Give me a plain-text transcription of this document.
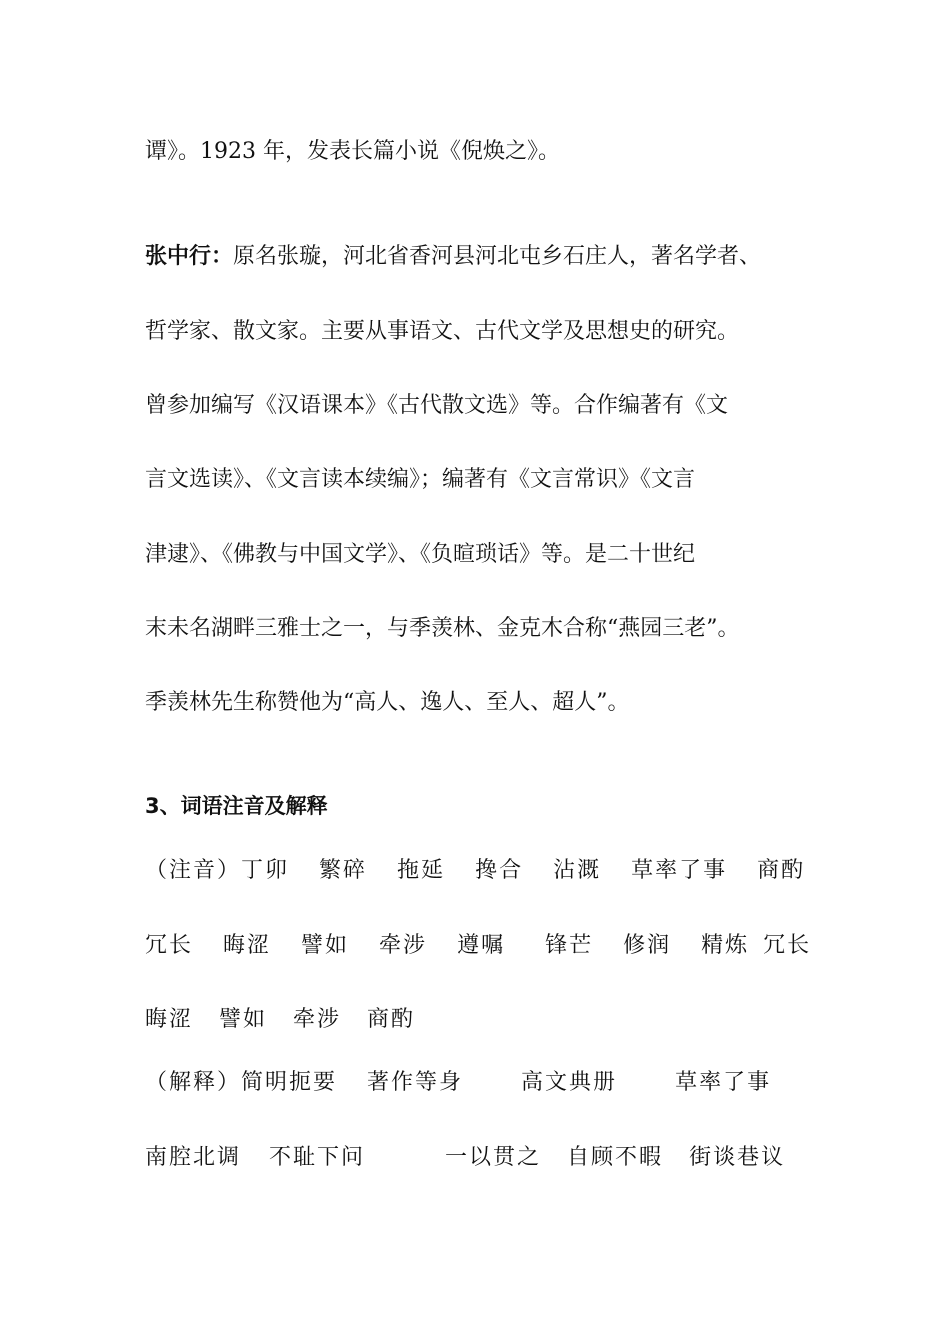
谭》。1923 年，发表长篇小说《倪焕之》。

张中行：原名张璇，河北省香河县河北屯乡石庄人，著名学者、

哲学家、散文家。主要从事语文、古代文学及思想史的研究。

曾参加编写《汉语课本》《古代散文选》等。合作编著有《文

言文选读》、《文言读本续编》；编著有《文言常识》《文言

津逮》、《佛教与中国文学》、《负暄琐话》等。是二十世纪

末未名湖畔三雅士之一，与季羡林、金克木合称“燕园三老”。

季羡林先生称赞他为“高人、逸人、至人、超人”。

3、词语注音及解释

（注音）丁卯 繁碎 拖延 搀合 沾溉 草率了事 商酌

冗长 晦涩 譬如 牵涉 遵嘱 锋芒 修润 精炼 冗长

晦涩 譬如 牵涉 商酌

（解释）简明扼要 著作等身	高文典册	草率了事

南腔北调 不耻下问	一以贯之 自顾不暇 街谈巷议
